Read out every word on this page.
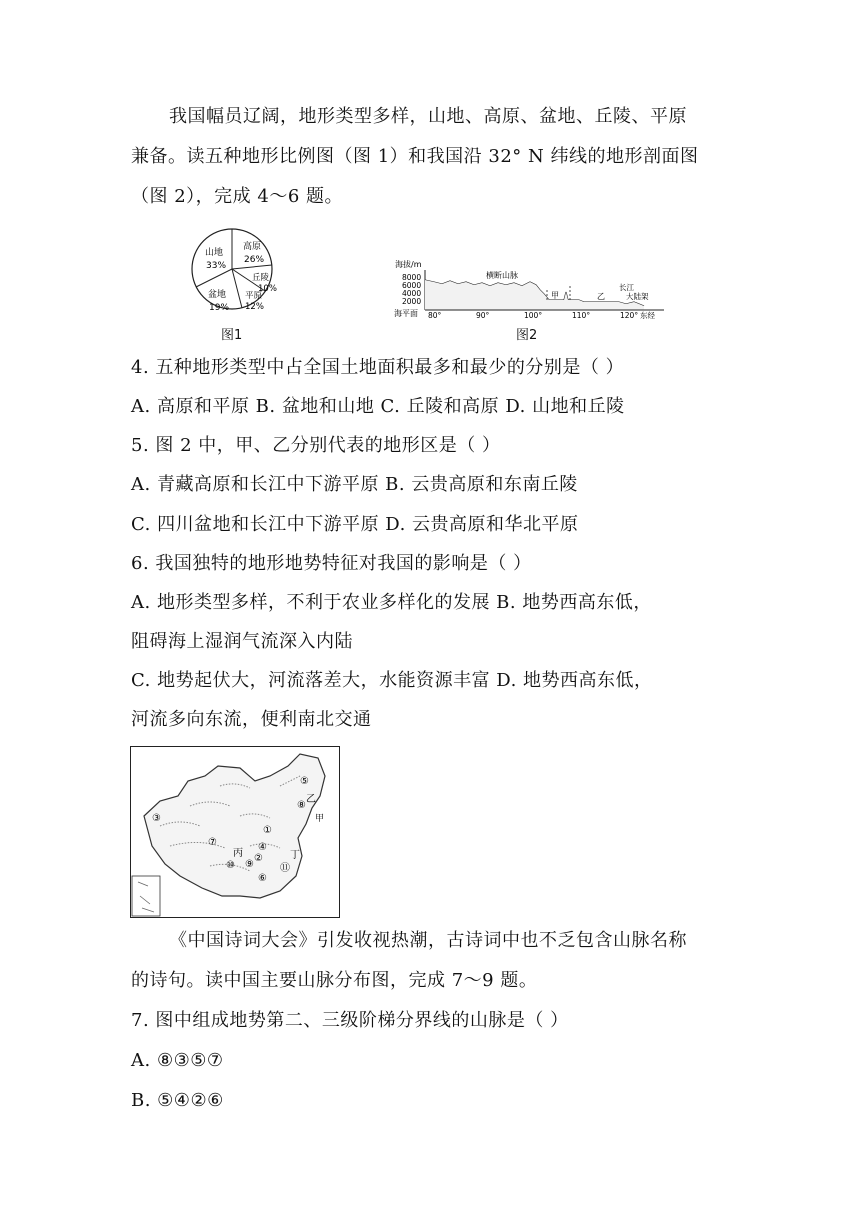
我国幅员辽阔，地形类型多样，山地、高原、盆地、丘陵、平原
兼备。读五种地形比例图（图 1）和我国沿 32° N 纬线的地形剖面图
（图 2），完成 4～6 题。
山地
33%
高原
26%
丘陵
10%
平原
12%
盆地
19%
图1
海拔/m
8000
6000
4000
2000
横断山脉
甲	乙
长江
大陆架
海平面 80°	90°	100°	110°	120° 东经
图2
4. 五种地形类型中占全国土地面积最多和最少的分别是（ ）
A. 高原和平原 B. 盆地和山地 C. 丘陵和高原 D. 山地和丘陵
5. 图 2 中，甲、乙分别代表的地形区是（ ）
A. 青藏高原和长江中下游平原 B. 云贵高原和东南丘陵
C. 四川盆地和长江中下游平原 D. 云贵高原和华北平原
6. 我国独特的地形地势特征对我国的影响是（ ）
A. 地形类型多样，不利于农业多样化的发展 B. 地势西高东低，
阻碍海上湿润气流深入内陆
C. 地势起伏大，河流落差大，水能资源丰富 D. 地势西高东低，
河流多向东流，便利南北交通
①
②
③
④
⑤
⑥
⑦
⑧
⑨
⑩	⑪
甲
乙
丙	丁
《中国诗词大会》引发收视热潮，古诗词中也不乏包含山脉名称
的诗句。读中国主要山脉分布图，完成 7～9 题。
7. 图中组成地势第二、三级阶梯分界线的山脉是（ ）
A. ⑧③⑤⑦
B. ⑤④②⑥
